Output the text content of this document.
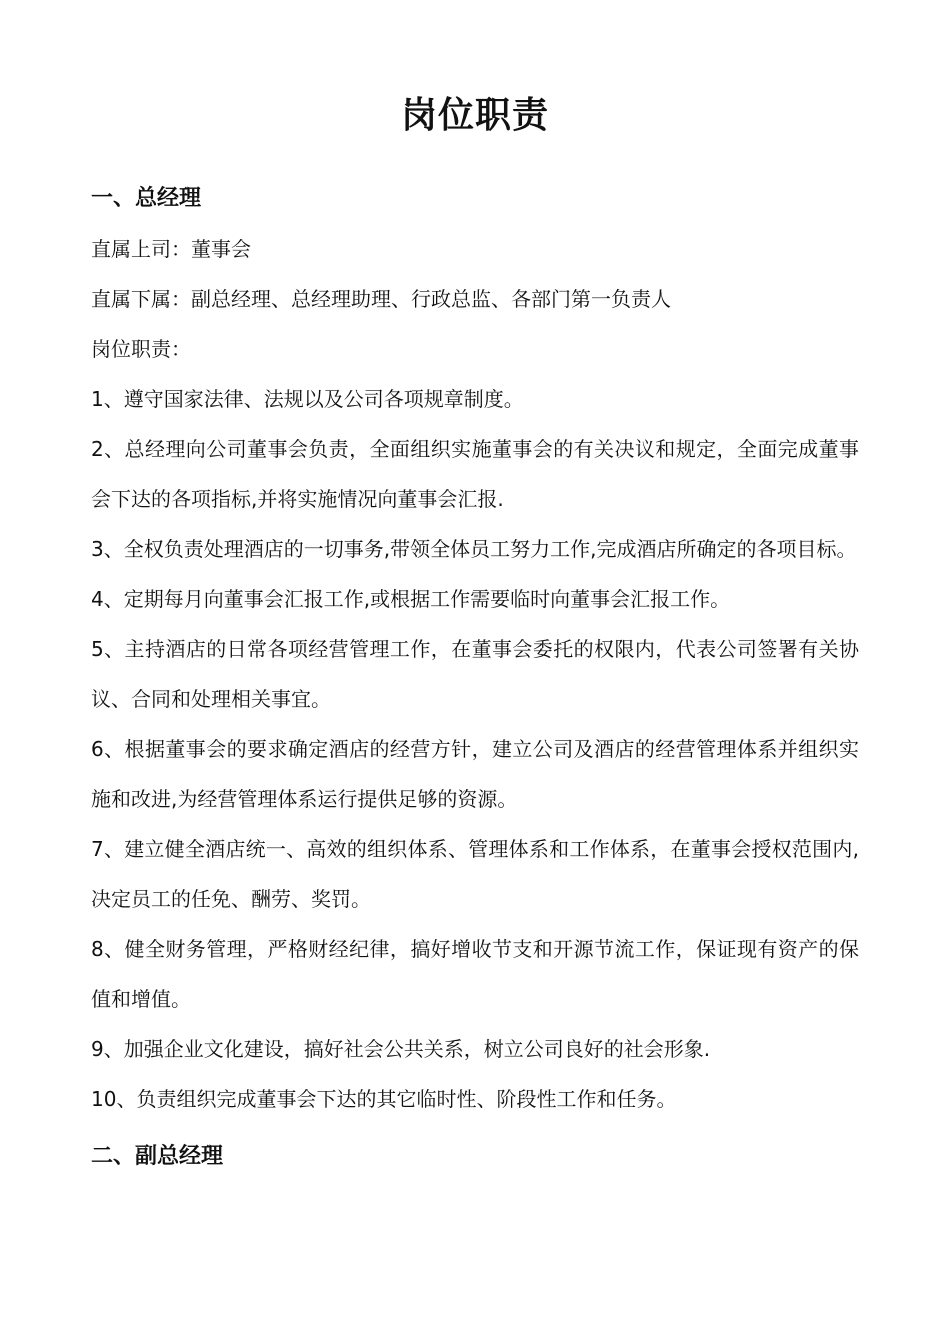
岗位职责
一、总经理

直属上司：董事会

直属下属：副总经理、总经理助理、行政总监、各部门第一负责人

岗位职责：

1、遵守国家法律、法规以及公司各项规章制度。

2、总经理向公司董事会负责，全面组织实施董事会的有关决议和规定，全面完成董事会下达的各项指标,并将实施情况向董事会汇报.

3、全权负责处理酒店的一切事务,带领全体员工努力工作,完成酒店所确定的各项目标。

4、定期每月向董事会汇报工作,或根据工作需要临时向董事会汇报工作。

5、主持酒店的日常各项经营管理工作，在董事会委托的权限内，代表公司签署有关协议、合同和处理相关事宜。

6、根据董事会的要求确定酒店的经营方针，建立公司及酒店的经营管理体系并组织实施和改进,为经营管理体系运行提供足够的资源。

7、建立健全酒店统一、高效的组织体系、管理体系和工作体系，在董事会授权范围内,决定员工的任免、酬劳、奖罚。

8、健全财务管理，严格财经纪律，搞好增收节支和开源节流工作，保证现有资产的保值和增值。

9、加强企业文化建设，搞好社会公共关系，树立公司良好的社会形象.

10、负责组织完成董事会下达的其它临时性、阶段性工作和任务。

二、副总经理
